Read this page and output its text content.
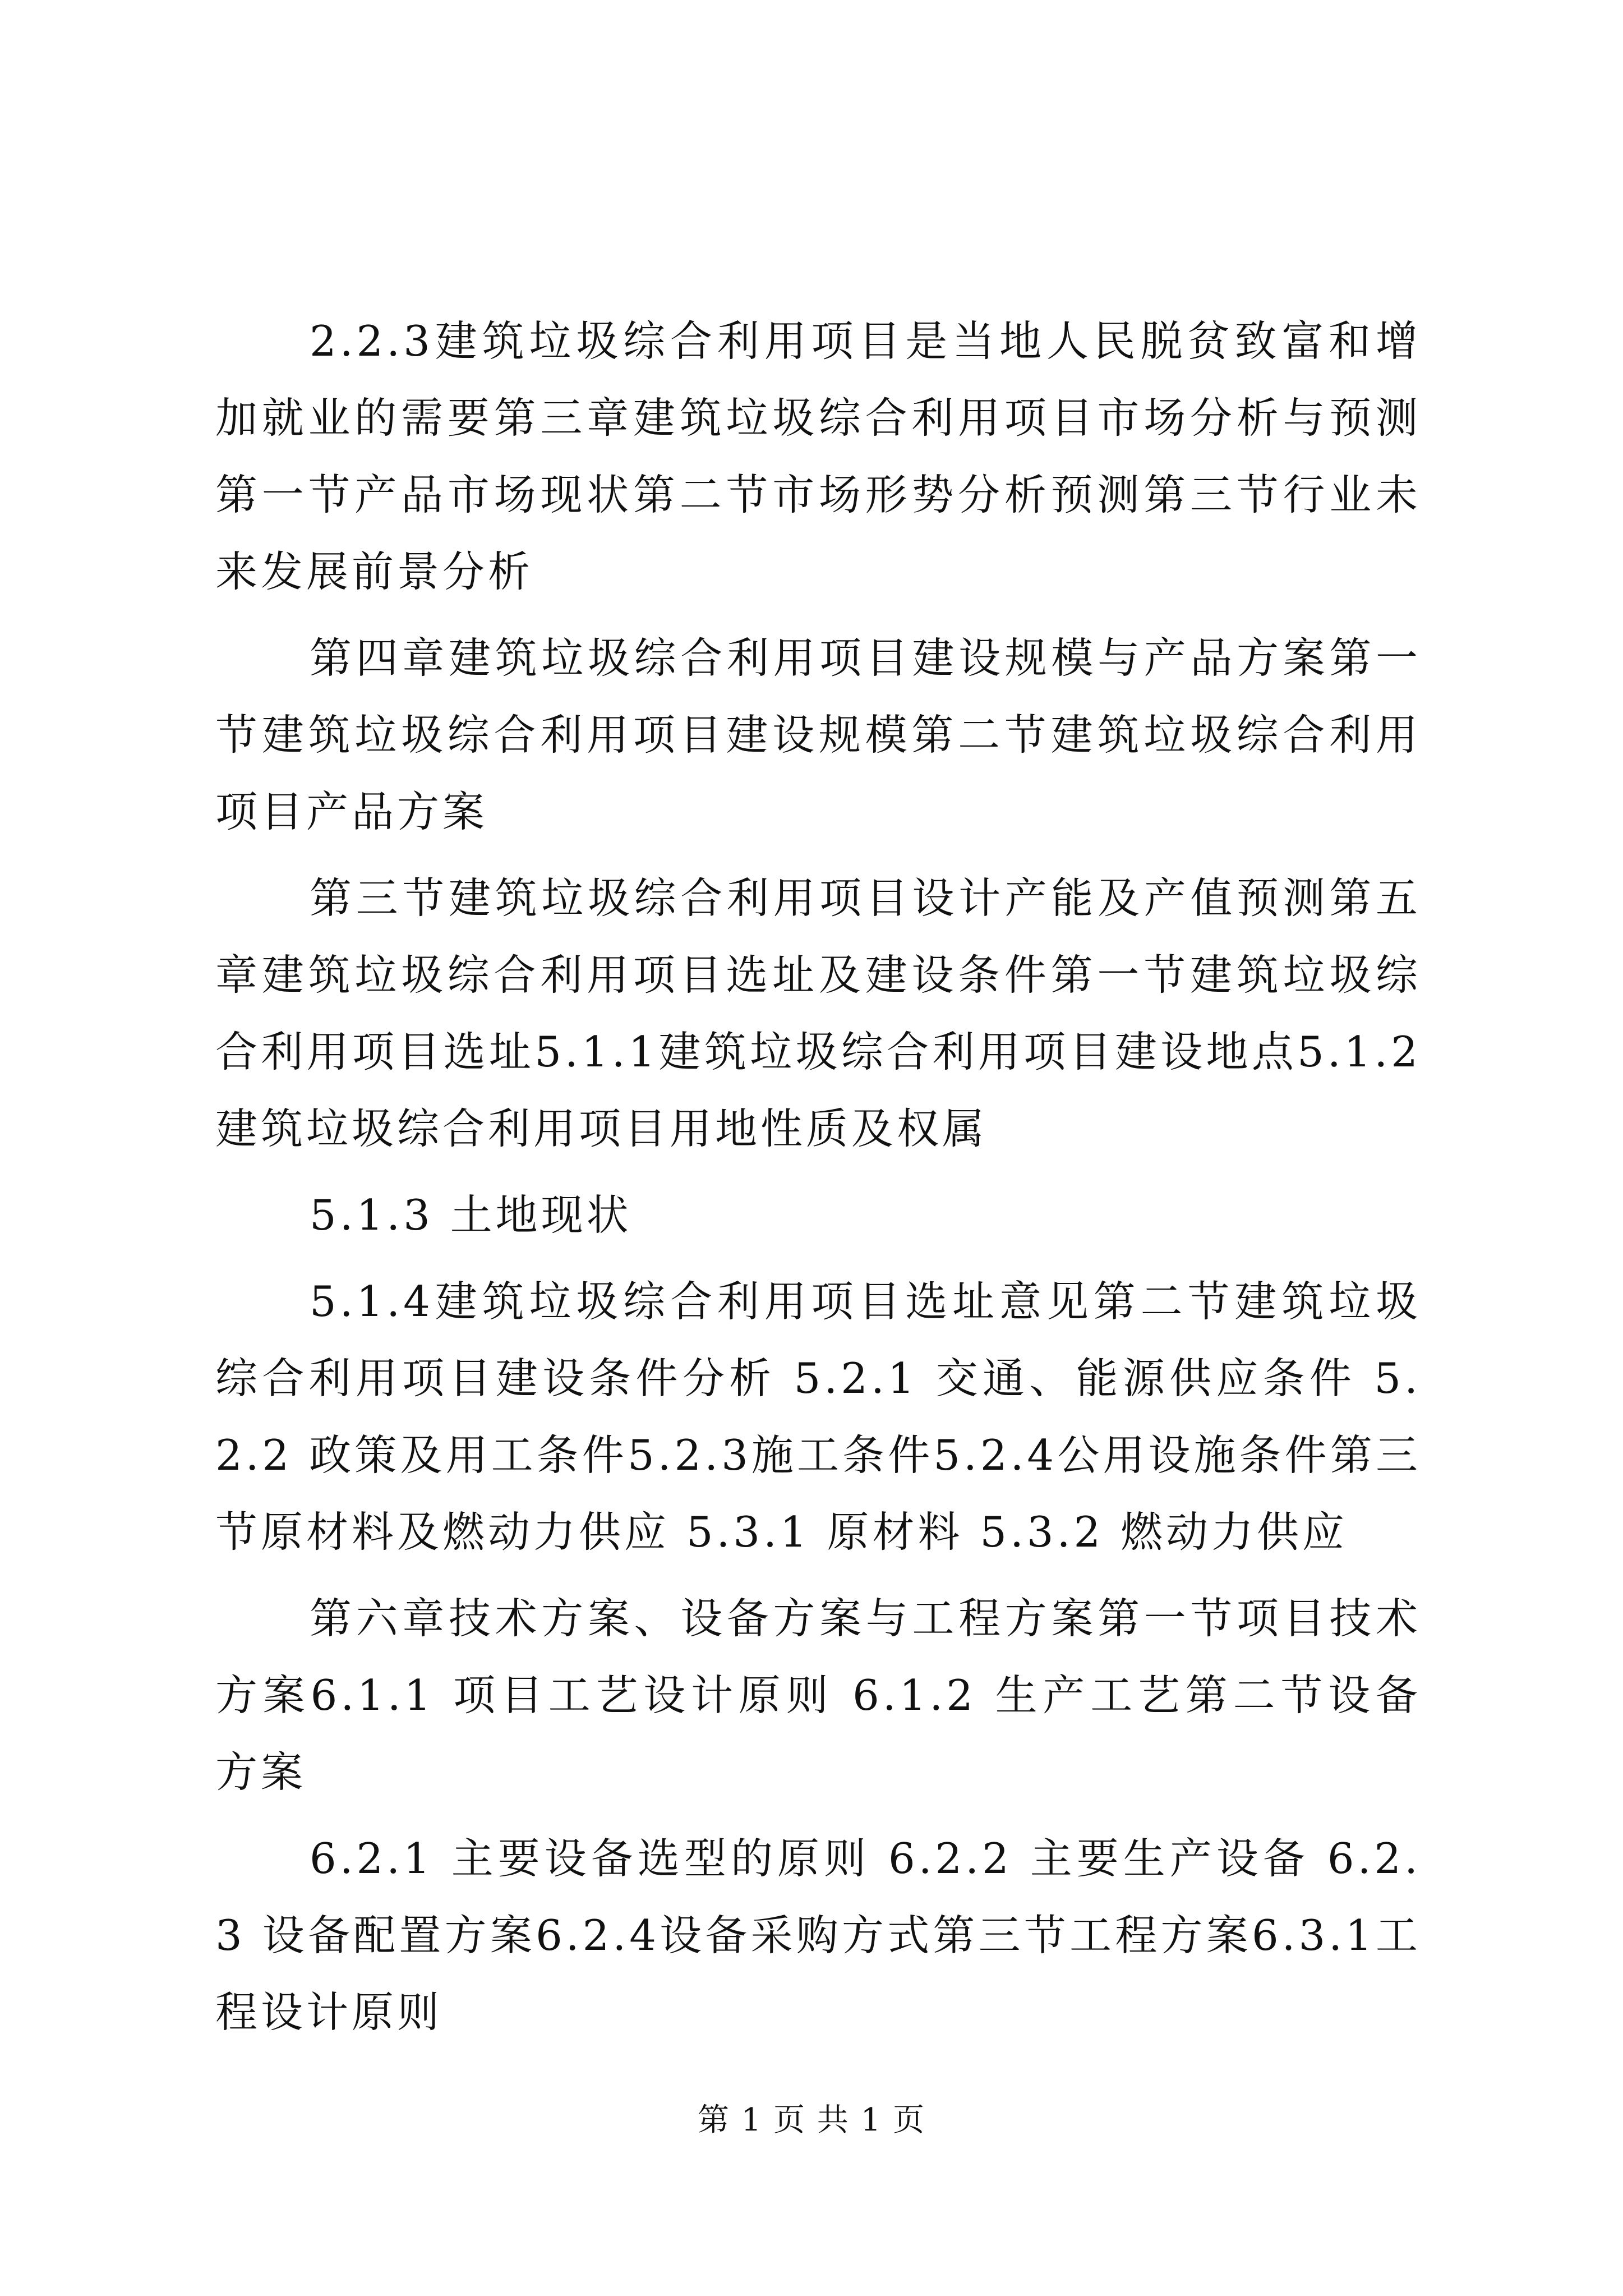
2.2.3建筑垃圾综合利用项目是当地人民脱贫致富和增加就业的需要第三章建筑垃圾综合利用项目市场分析与预测第一节产品市场现状第二节市场形势分析预测第三节行业未来发展前景分析

第四章建筑垃圾综合利用项目建设规模与产品方案第一节建筑垃圾综合利用项目建设规模第二节建筑垃圾综合利用项目产品方案

第三节建筑垃圾综合利用项目设计产能及产值预测第五章建筑垃圾综合利用项目选址及建设条件第一节建筑垃圾综合利用项目选址5.1.1建筑垃圾综合利用项目建设地点5.1.2建筑垃圾综合利用项目用地性质及权属

5.1.3 土地现状

5.1.4建筑垃圾综合利用项目选址意见第二节建筑垃圾综合利用项目建设条件分析 5.2.1 交通、能源供应条件 5.2.2 政策及用工条件5.2.3施工条件5.2.4公用设施条件第三节原材料及燃动力供应 5.3.1 原材料 5.3.2 燃动力供应

第六章技术方案、设备方案与工程方案第一节项目技术方案6.1.1 项目工艺设计原则 6.1.2 生产工艺第二节设备方案

6.2.1 主要设备选型的原则 6.2.2 主要生产设备 6.2.3 设备配置方案6.2.4设备采购方式第三节工程方案6.3.1工程设计原则

第 1 页 共 1 页
